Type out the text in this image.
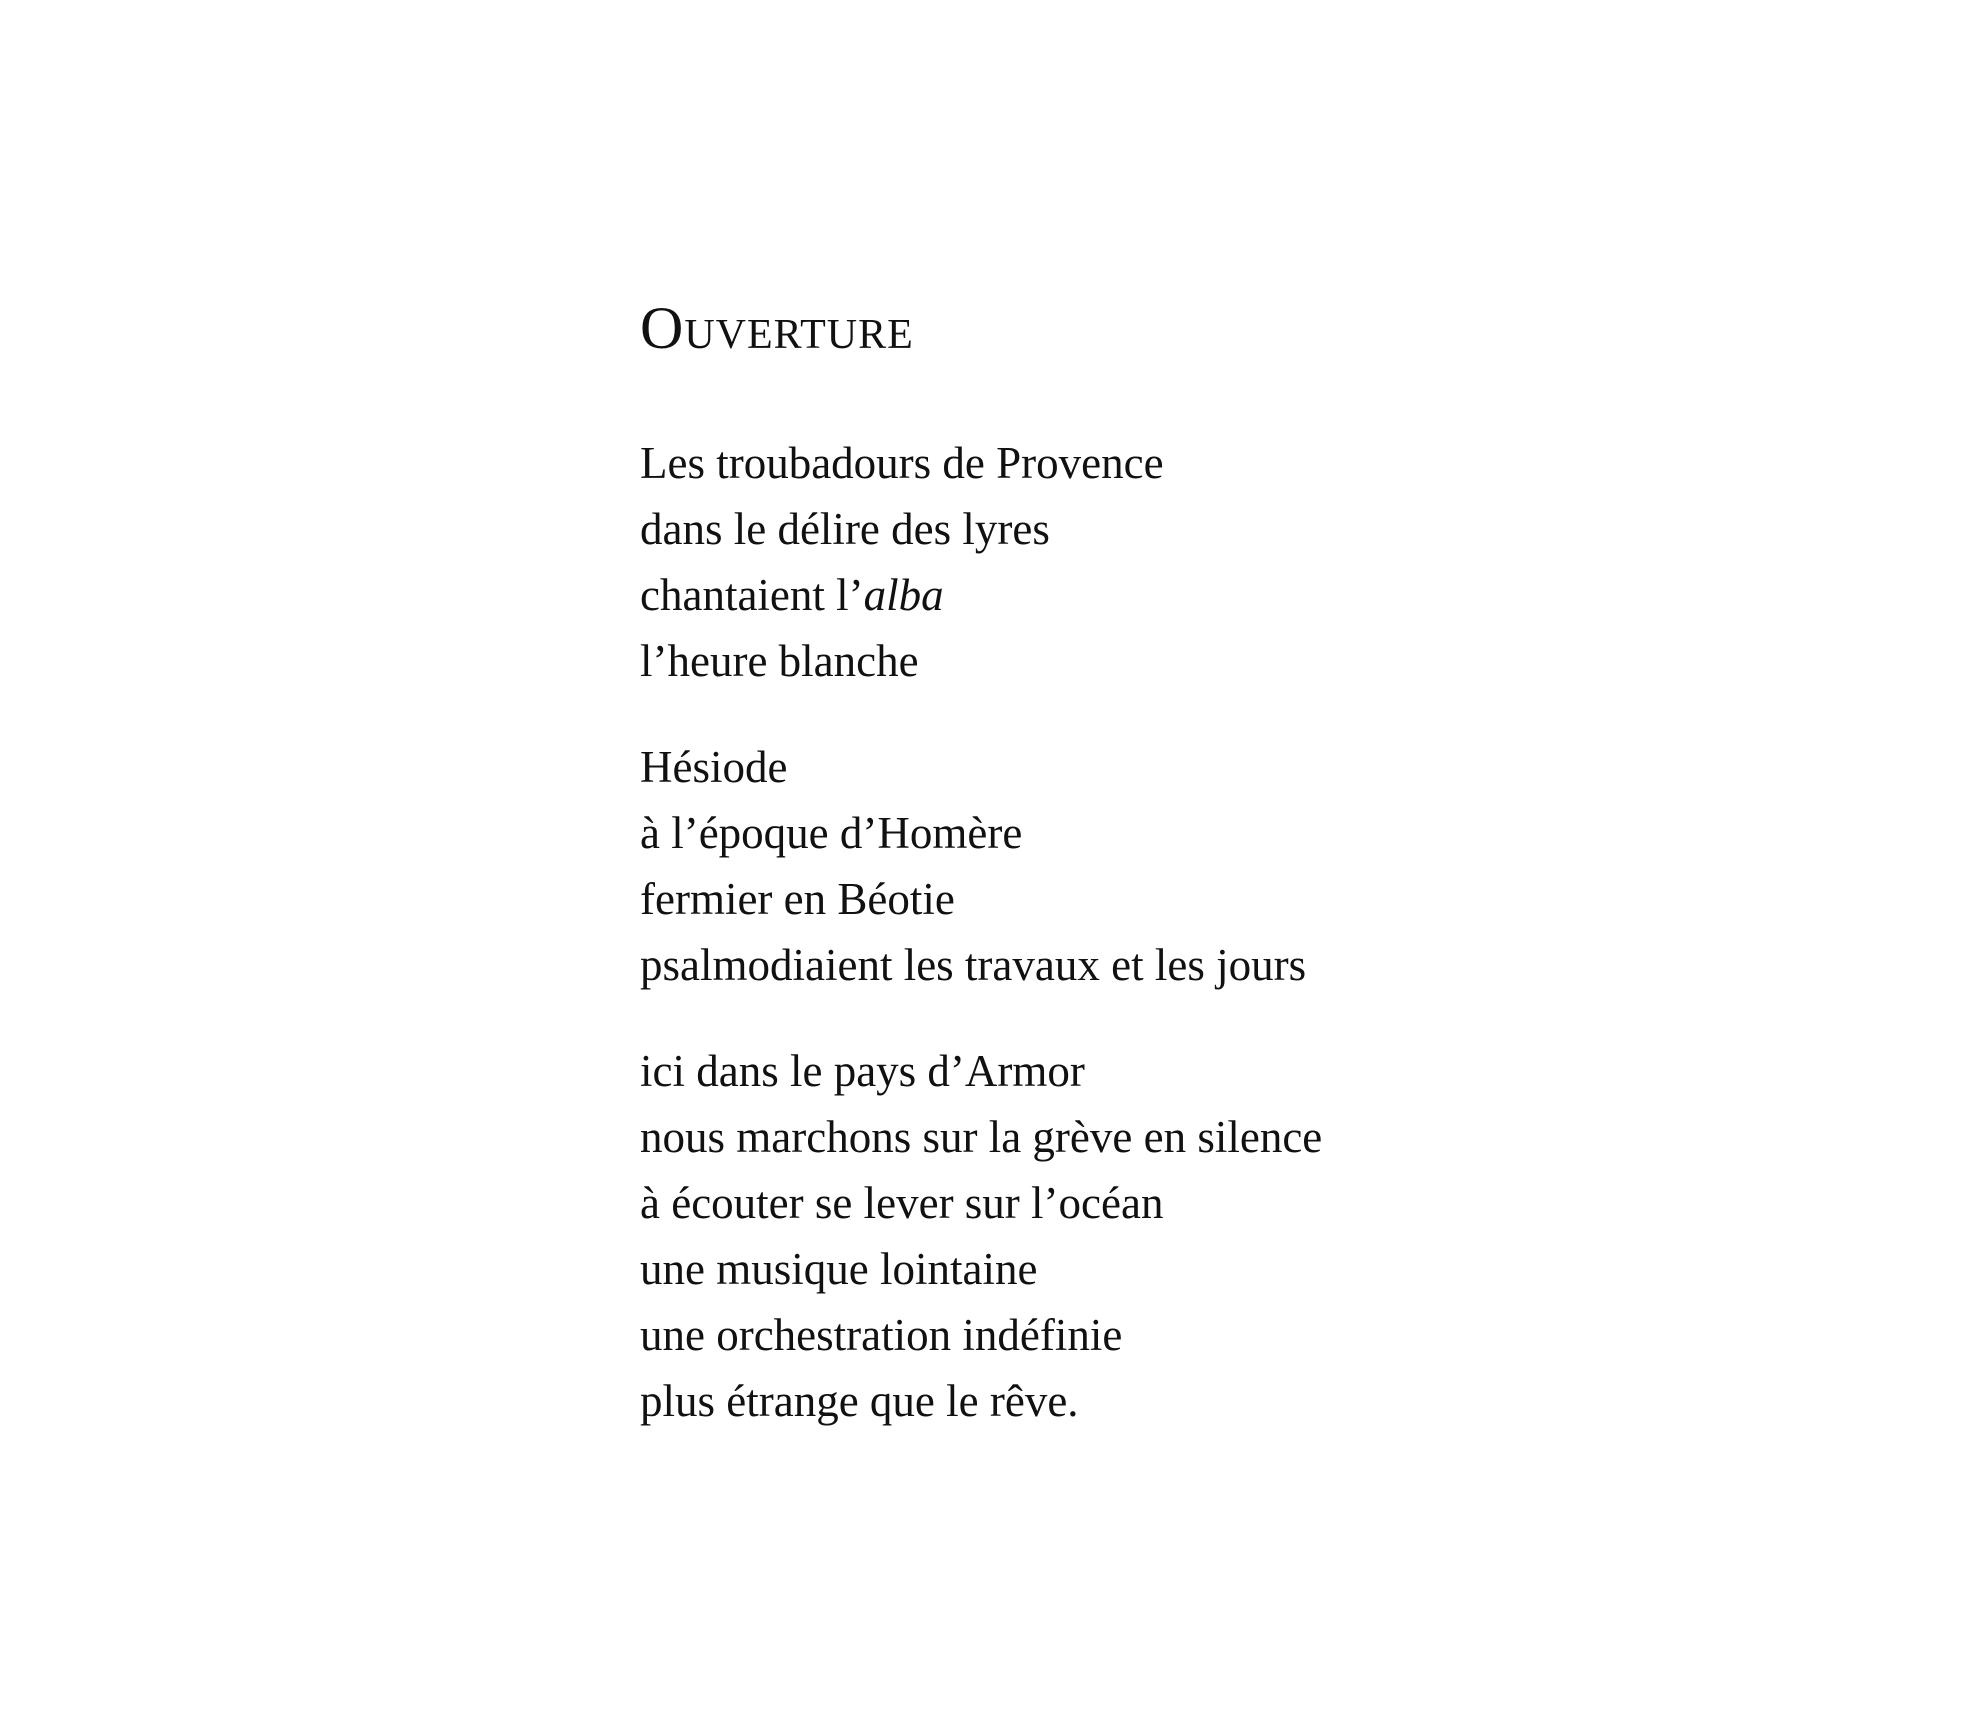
Ouverture
Les troubadours de Provence
dans le délire des lyres
chantaient l’alba
l’heure blanche
Hésiode
à l’époque d’Homère
fermier en Béotie
psalmodiaient les travaux et les jours
ici dans le pays d’Armor
nous marchons sur la grève en silence
à écouter se lever sur l’océan
une musique lointaine
une orchestration indéfinie
plus étrange que le rêve.
